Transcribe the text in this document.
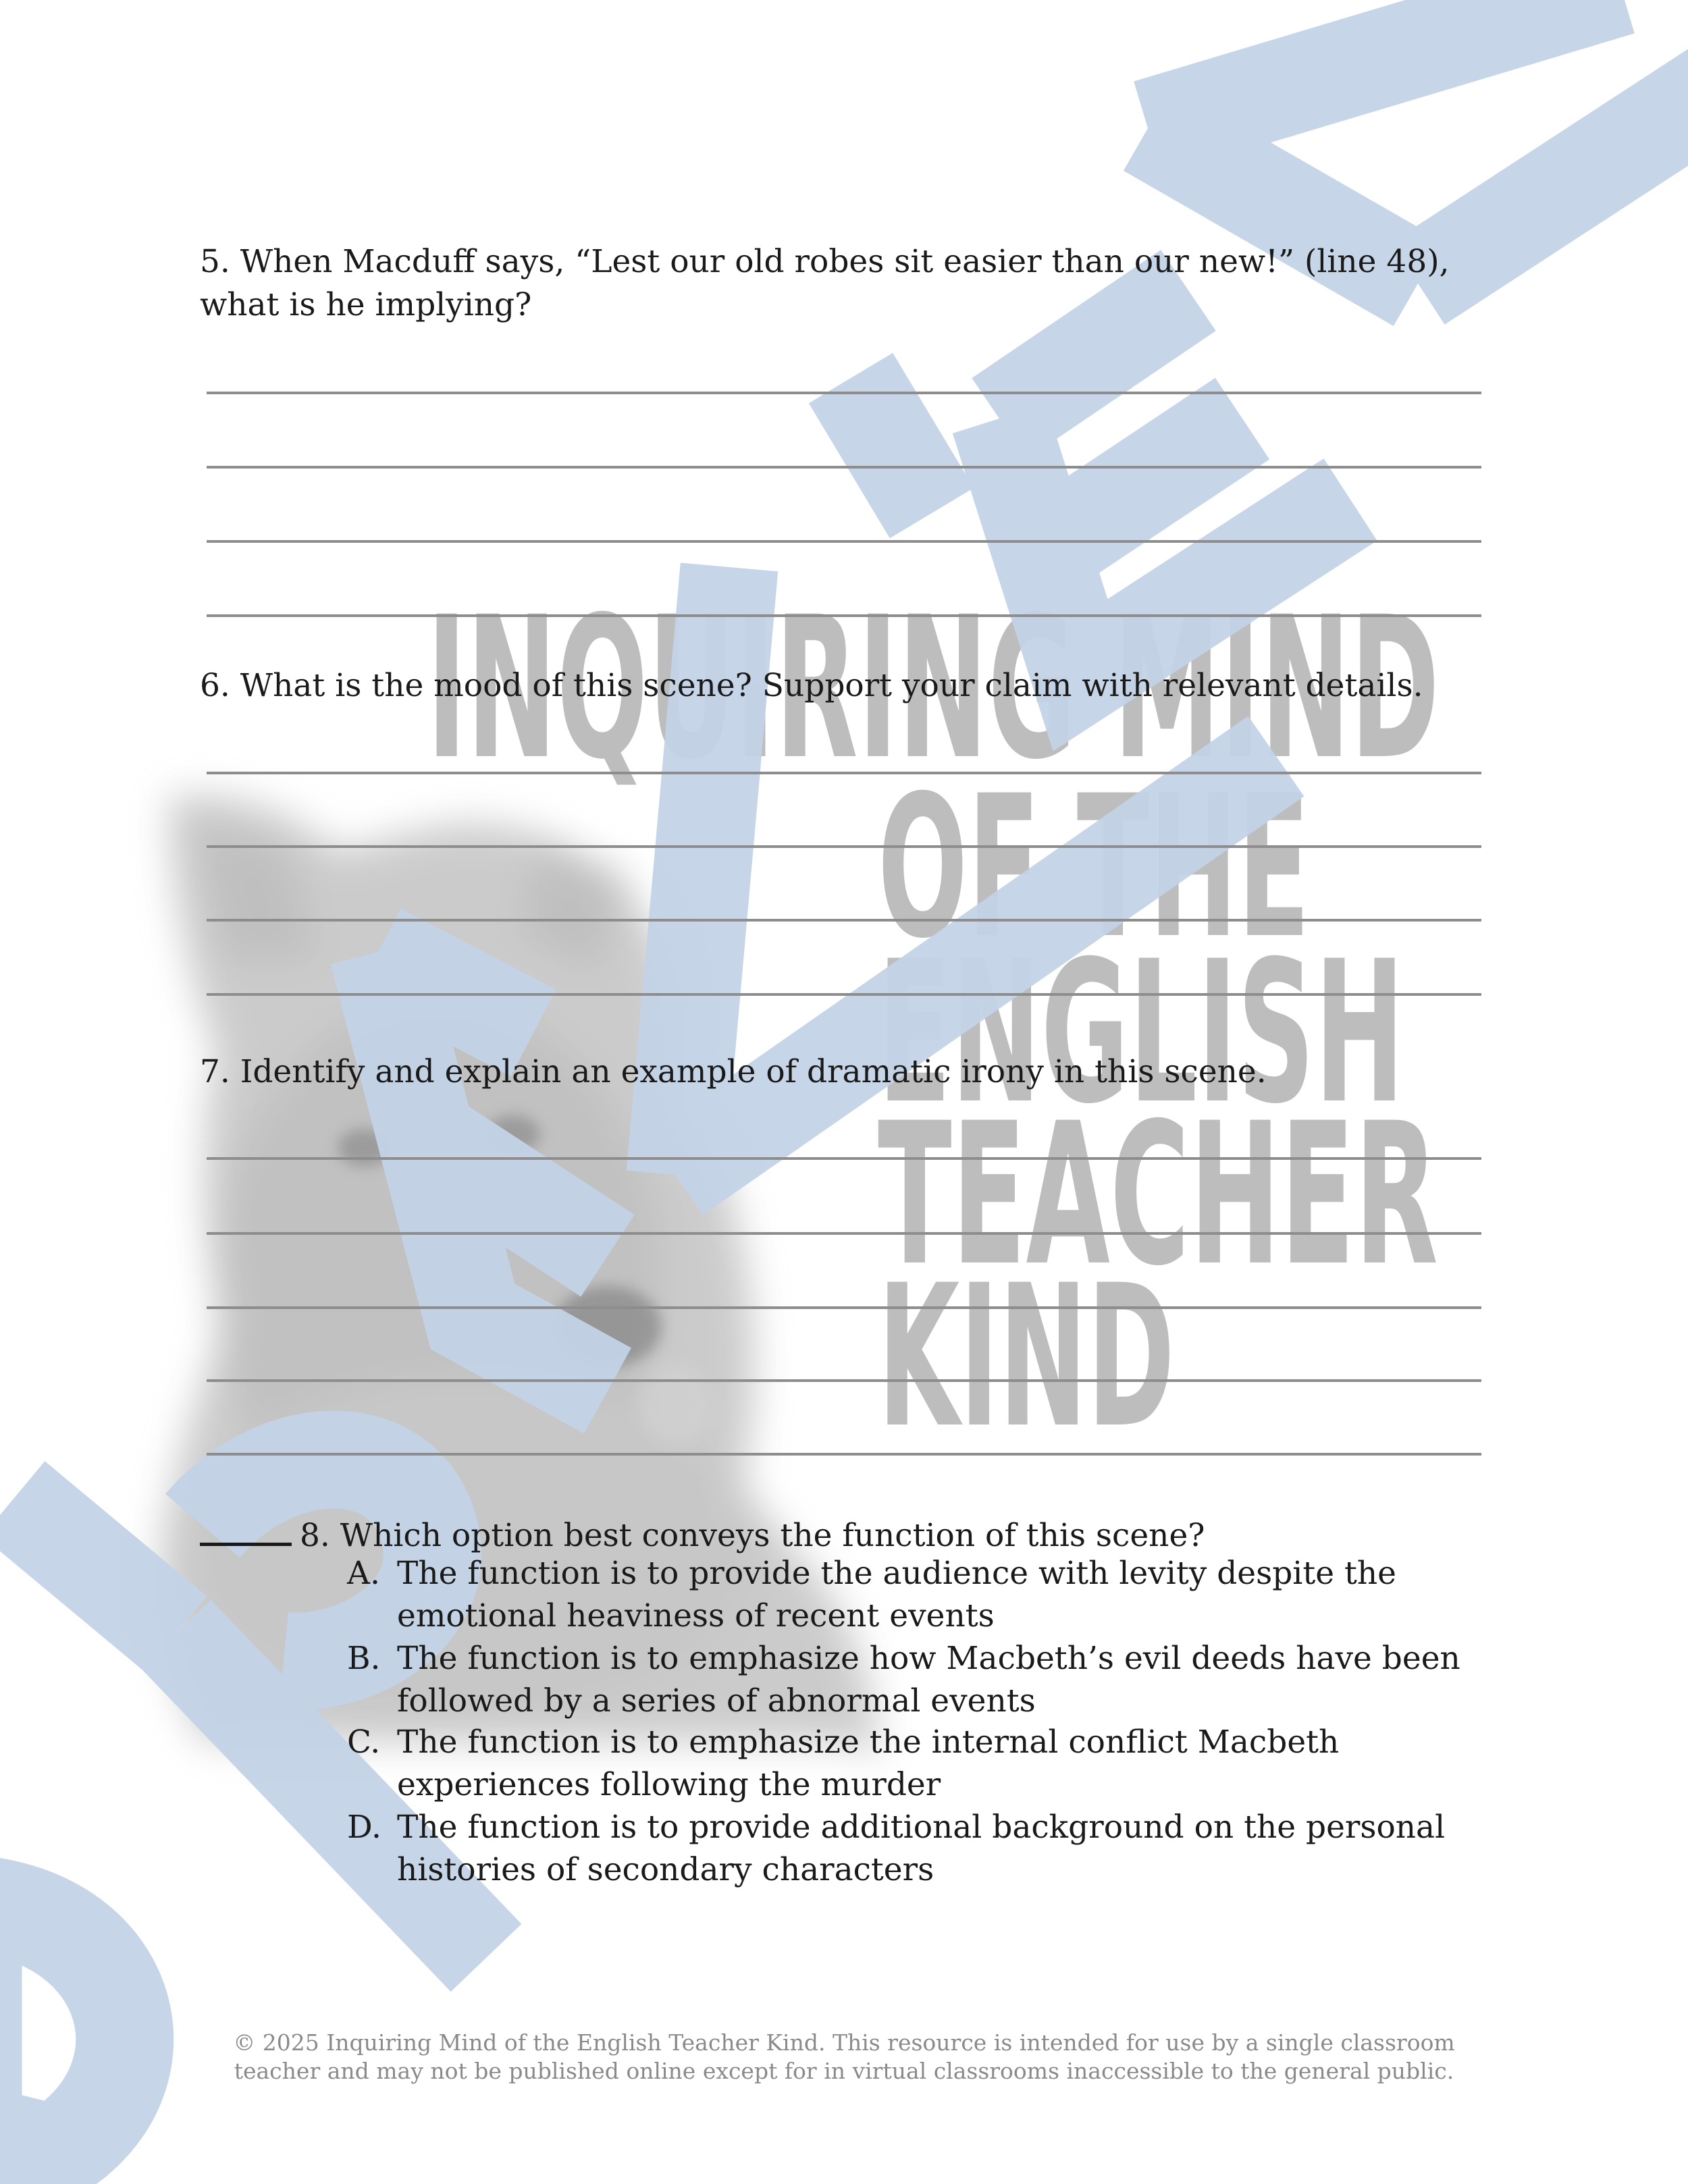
INQUIRING MIND
OF THE
ENGLISH
TEACHER
KIND
5. When Macduff says, “Lest our old robes sit easier than our new!” (line 48), what is he implying?
6. What is the mood of this scene? Support your claim with relevant details.
7. Identify and explain an example of dramatic irony in this scene.
8. Which option best conveys the function of this scene?
A. The function is to provide the audience with levity despite the emotional heaviness of recent events
B. The function is to emphasize how Macbeth’s evil deeds have been followed by a series of abnormal events
C. The function is to emphasize the internal conflict Macbeth experiences following the murder
D. The function is to provide additional background on the personal histories of secondary characters
© 2025 Inquiring Mind of the English Teacher Kind. This resource is intended for use by a single classroom teacher and may not be published online except for in virtual classrooms inaccessible to the general public.
